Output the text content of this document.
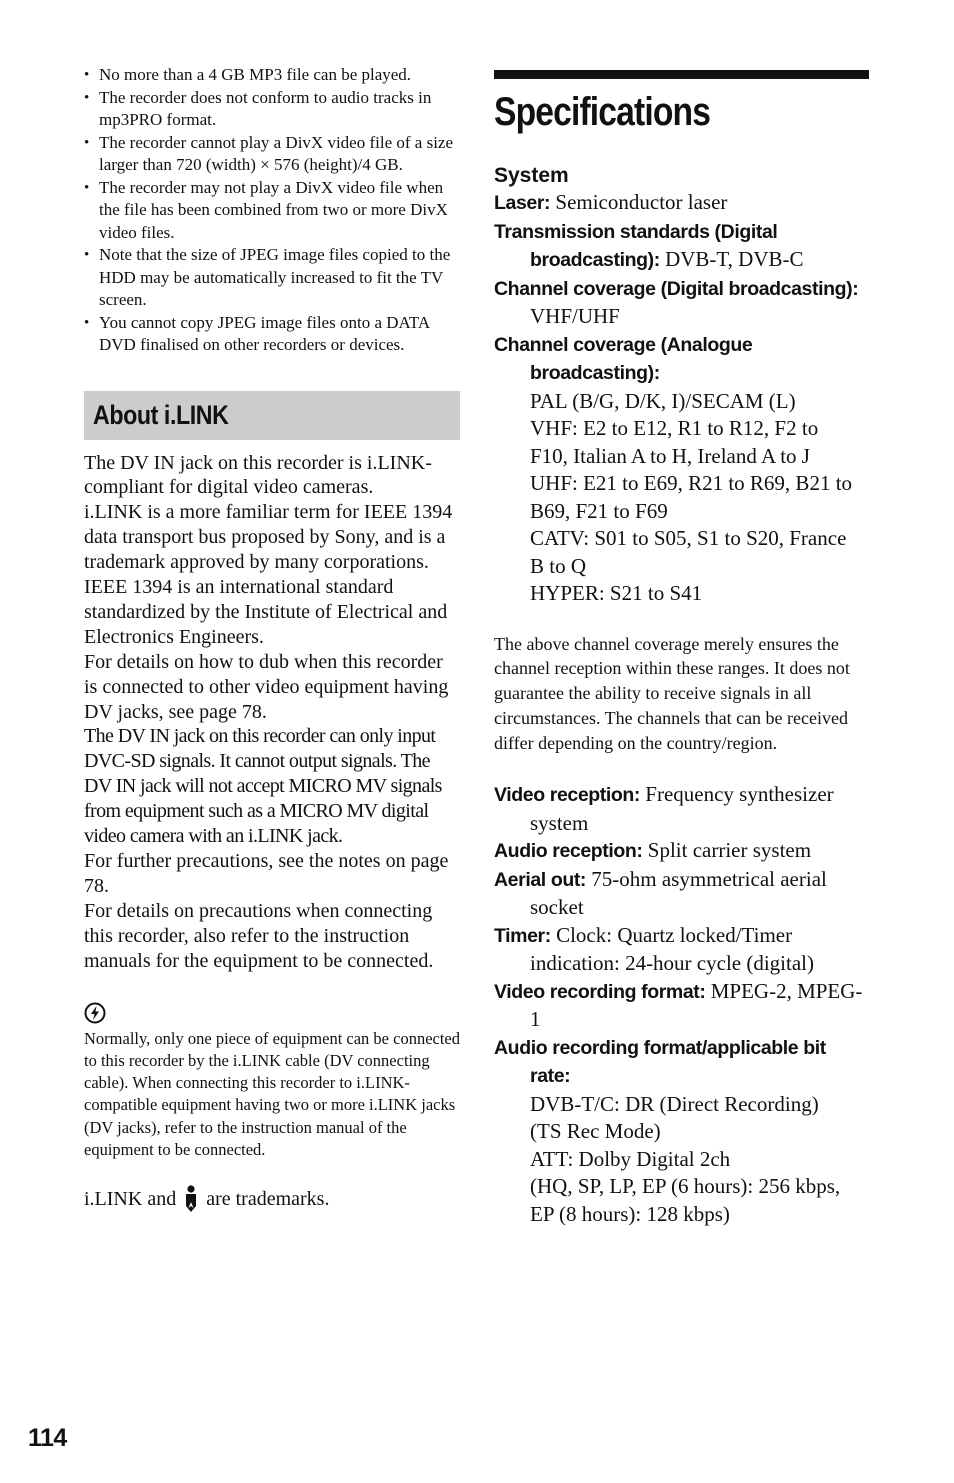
• No more than a 4 GB MP3 file can be played.
• The recorder does not conform to audio tracks in mp3PRO format.
• The recorder cannot play a DivX video file of a size larger than 720 (width) × 576 (height)/4 GB.
• The recorder may not play a DivX video file when the file has been combined from two or more DivX video files.
• Note that the size of JPEG image files copied to the HDD may be automatically increased to fit the TV screen.
• You cannot copy JPEG image files onto a DATA DVD finalised on other recorders or devices.
About i.LINK

The DV IN jack on this recorder is i.LINK-compliant for digital video cameras.

i.LINK is a more familiar term for IEEE 1394 data transport bus proposed by Sony, and is a trademark approved by many corporations.

IEEE 1394 is an international standard standardized by the Institute of Electrical and Electronics Engineers.

For details on how to dub when this recorder is connected to other video equipment having DV jacks, see page 78.

The DV IN jack on this recorder can only input DVC-SD signals. It cannot output signals. The DV IN jack will not accept MICRO MV signals from equipment such as a MICRO MV digital video camera with an i.LINK jack.

For further precautions, see the notes on page 78.

For details on precautions when connecting this recorder, also refer to the instruction manuals for the equipment to be connected.

Normally, only one piece of equipment can be connected to this recorder by the i.LINK cable (DV connecting cable). When connecting this recorder to i.LINK-compatible equipment having two or more i.LINK jacks (DV jacks), refer to the instruction manual of the equipment to be connected.

i.LINK and are trademarks.
114
Specifications
System

Laser: Semiconductor laser

Transmission standards (Digital
broadcasting): DVB-T, DVB-C

Channel coverage (Digital broadcasting):
VHF/UHF

Channel coverage (Analogue
broadcasting):

PAL (B/G, D/K, I)/SECAM (L)
VHF: E2 to E12, R1 to R12, F2 to
F10, Italian A to H, Ireland A to J
UHF: E21 to E69, R21 to R69, B21 to
B69, F21 to F69
CATV: S01 to S05, S1 to S20, France
B to Q
HYPER: S21 to S41
The above channel coverage merely ensures the channel reception within these ranges. It does not guarantee the ability to receive signals in all circumstances. The channels that can be received differ depending on the country/region.

Video reception: Frequency synthesizer system

Audio reception: Split carrier system

Aerial out: 75-ohm asymmetrical aerial socket

Timer: Clock: Quartz locked/Timer indication: 24-hour cycle (digital)

Video recording format: MPEG-2, MPEG-1

Audio recording format/applicable bit
rate:

DVB-T/C: DR (Direct Recording)
(TS Rec Mode)
ATT: Dolby Digital 2ch
(HQ, SP, LP, EP (6 hours): 256 kbps,
EP (8 hours): 128 kbps)
